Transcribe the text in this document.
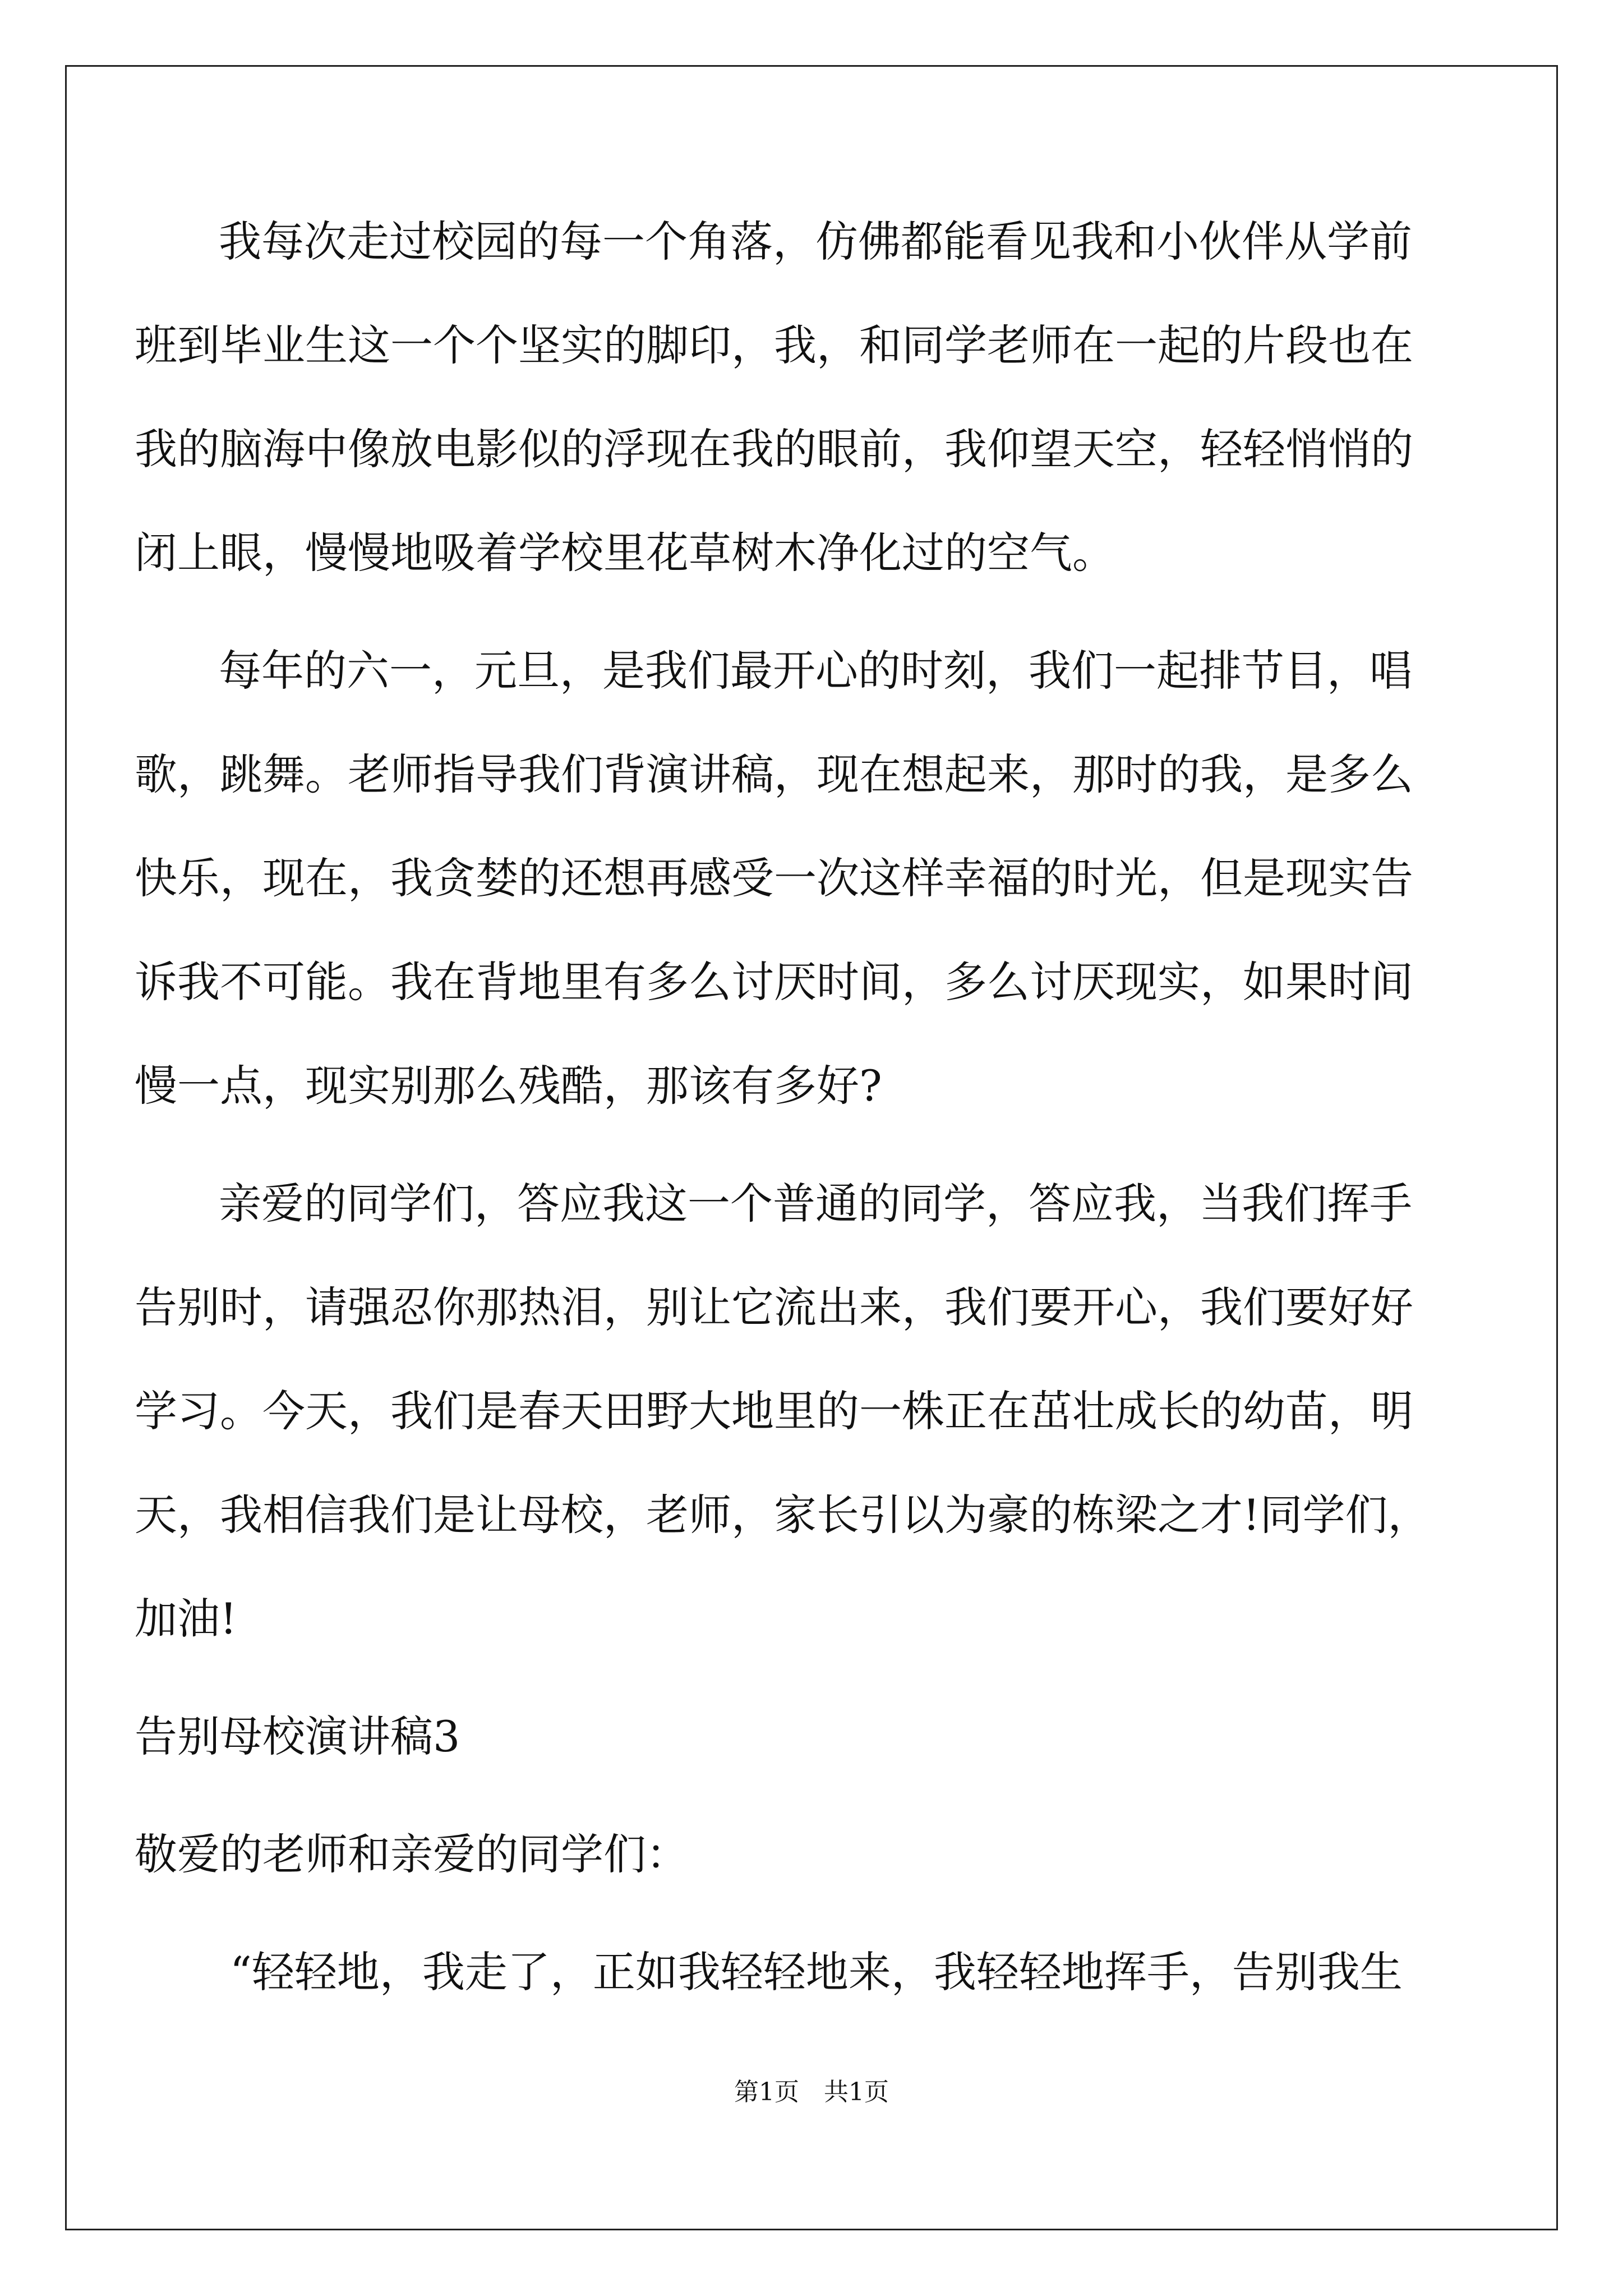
我每次走过校园的每一个角落，仿佛都能看见我和小伙伴从学前
班到毕业生这一个个坚实的脚印，我，和同学老师在一起的片段也在
我的脑海中像放电影似的浮现在我的眼前，我仰望天空，轻轻悄悄的
闭上眼，慢慢地吸着学校里花草树木净化过的空气。
每年的六一，元旦，是我们最开心的时刻，我们一起排节目，唱
歌，跳舞。老师指导我们背演讲稿，现在想起来，那时的我，是多么
快乐，现在，我贪婪的还想再感受一次这样幸福的时光，但是现实告
诉我不可能。我在背地里有多么讨厌时间，多么讨厌现实，如果时间
慢一点，现实别那么残酷，那该有多好?
亲爱的同学们，答应我这一个普通的同学，答应我，当我们挥手
告别时，请强忍你那热泪，别让它流出来，我们要开心，我们要好好
学习。今天，我们是春天田野大地里的一株正在茁壮成长的幼苗，明
天，我相信我们是让母校，老师，家长引以为豪的栋梁之才!同学们，
加油!
告别母校演讲稿3
敬爱的老师和亲爱的同学们：
“轻轻地，我走了，正如我轻轻地来，我轻轻地挥手，告别我生
第1页　共1页
